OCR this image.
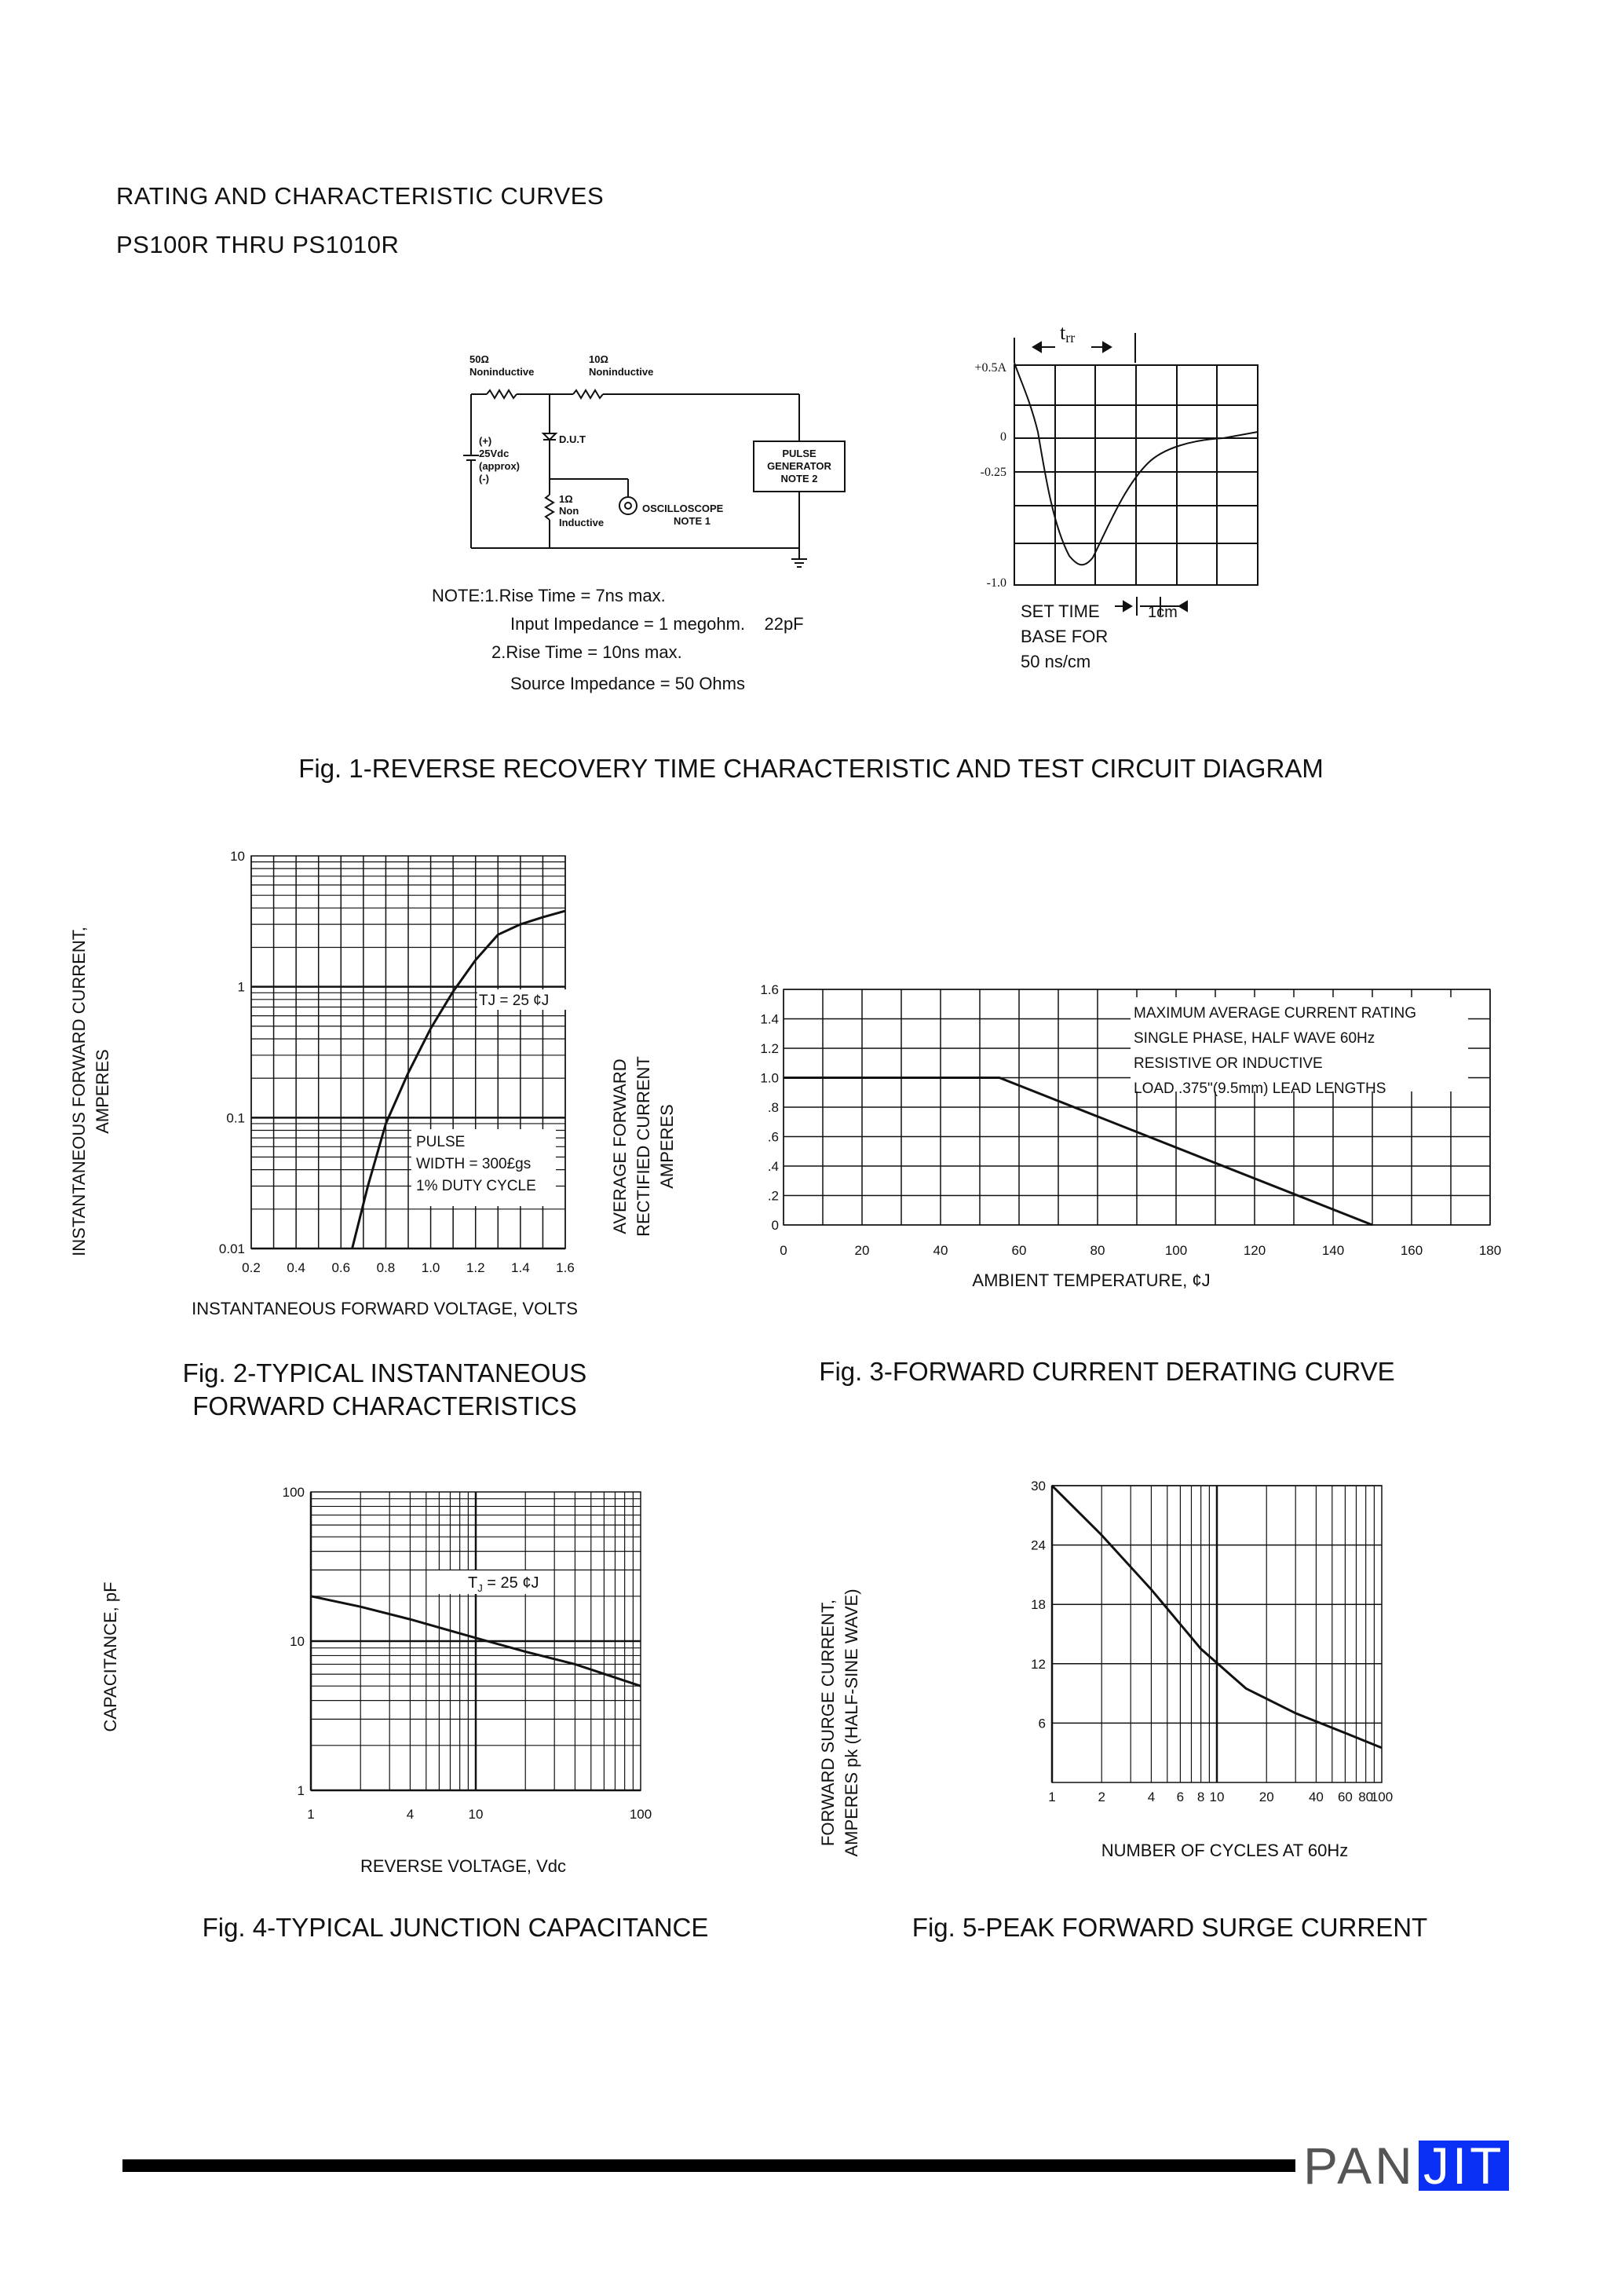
RATING AND CHARACTERISTIC CURVES
PS100R THRU PS1010R
50Ω
Noninductive
10Ω
Noninductive
(+)
25Vdc
(approx)
(-)
D.U.T
1Ω
Non
Inductive
OSCILLOSCOPE
NOTE 1
PULSE
GENERATOR
NOTE 2
NOTE:1.Rise Time = 7ns max.
Input Impedance = 1 megohm.    22pF
2.Rise Time = 10ns max.
Source Impedance = 50 Ohms
trr
+0.5A
0
-0.25
-1.0
SET TIME
BASE FOR
50 ns/cm
1cm
Fig. 1-REVERSE RECOVERY TIME CHARACTERISTIC AND TEST CIRCUIT DIAGRAM
0.2 0.4 0.6 0.8 1.0 1.2 1.4 1.6
10
1
0.1
0.01
TJ = 25 ¢J
PULSE
WIDTH = 300£gs
1% DUTY CYCLE
INSTANTANEOUS FORWARD CURRENT, AMPERES
INSTANTANEOUS FORWARD VOLTAGE, VOLTS
Fig. 2-TYPICAL INSTANTANEOUS FORWARD CHARACTERISTICS
0	20	40	60	80	100	120	140	160	180
1.6
1.4
1.2
1.0
.8
.6
.4
.2
0
MAXIMUM AVERAGE CURRENT RATING
SINGLE PHASE, HALF WAVE 60Hz
RESISTIVE OR INDUCTIVE
LOAD .375"(9.5mm) LEAD LENGTHS
AVERAGE FORWARD RECTIFIED CURRENT AMPERES
AMBIENT TEMPERATURE, ¢J
Fig. 3-FORWARD CURRENT DERATING CURVE
1	4	10	100
100
10
1
$T_J = 25$ ¢J
CAPACITANCE, pF
REVERSE VOLTAGE, Vdc
Fig. 4-TYPICAL JUNCTION CAPACITANCE
1	2	4 6 8 10	20	40 60 80
100
30
24
18
12
6
FORWARD SURGE CURRENT, AMPERES pk (HALF-SINE WAVE)	NUMBER OF CYCLES AT 60Hz
Fig. 5-PEAK FORWARD SURGE CURRENT
PAN JIT
